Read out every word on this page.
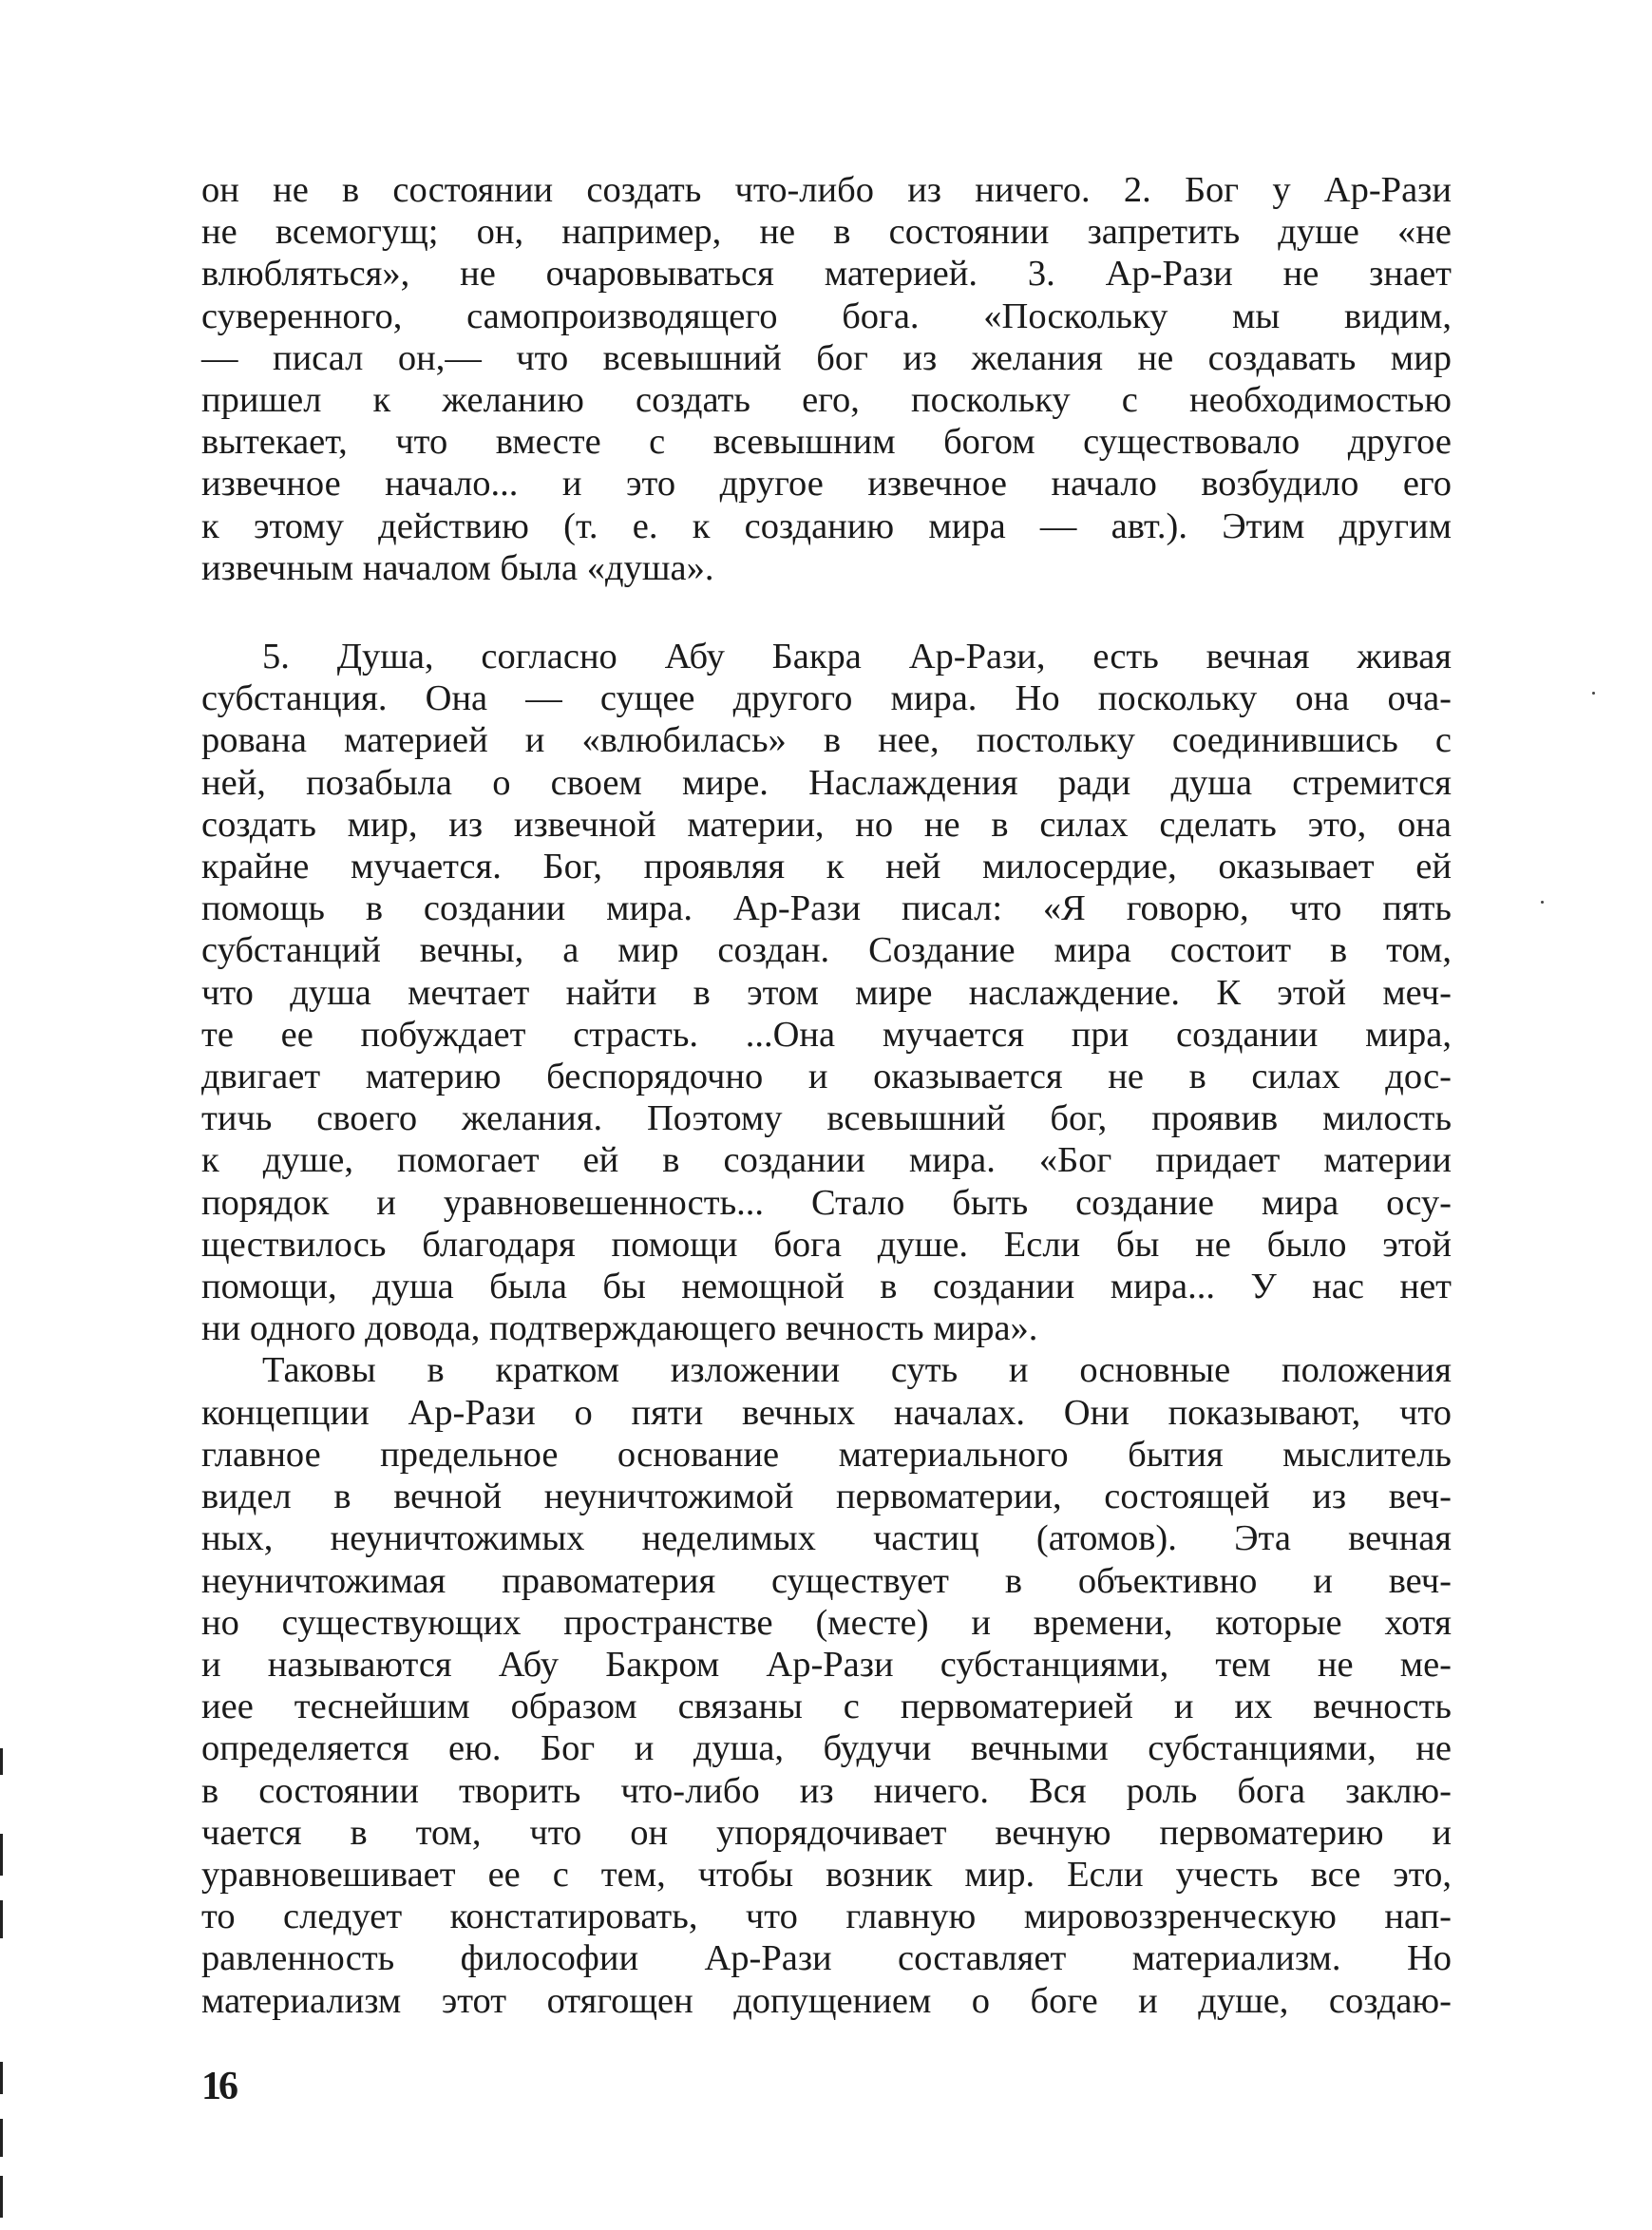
он не в состоянии создать что-либо из ничего. 2. Бог у Ар-Рази

не всемогущ; он, например, не в состоянии запретить душе «не

влюбляться», не очаровываться материей. 3. Ар-Рази не знает

суверенного, самопроизводящего бога. «Поскольку мы видим,

— писал он,— что всевышний бог из желания не создавать мир

пришел к желанию создать его, поскольку с необходимостью

вытекает, что вместе с всевышним богом существовало другое

извечное начало... и это другое извечное начало возбудило его

к этому действию (т. е. к созданию мира — авт.). Этим другим

извечным началом была «душа».

5. Душа, согласно Абу Бакра Ар-Рази, есть вечная живая

субстанция. Она — сущее другого мира. Но поскольку она оча-

рована материей и «влюбилась» в нее, постольку соединившись с

ней, позабыла о своем мире. Наслаждения ради душа стремится

создать мир, из извечной материи, но не в силах сделать это, она

крайне мучается. Бог, проявляя к ней милосердие, оказывает ей

помощь в создании мира. Ар-Рази писал: «Я говорю, что пять

субстанций вечны, а мир создан. Создание мира состоит в том,

что душа мечтает найти в этом мире наслаждение. К этой меч-

те ее побуждает страсть. ...Она мучается при создании мира,

двигает материю беспорядочно и оказывается не в силах дос-

тичь своего желания. Поэтому всевышний бог, проявив милость

к душе, помогает ей в создании мира. «Бог придает материи

порядок и уравновешенность... Стало быть создание мира осу-

ществилось благодаря помощи бога душе. Если бы не было этой

помощи, душа была бы немощной в создании мира... У нас нет

ни одного довода, подтверждающего вечность мира».

Таковы в кратком изложении суть и основные положения

концепции Ар-Рази о пяти вечных началах. Они показывают, что

главное предельное основание материального бытия мыслитель

видел в вечной неуничтожимой первоматерии, состоящей из веч-

ных, неуничтожимых неделимых частиц (атомов). Эта вечная

неуничтожимая правоматерия существует в объективно и веч-

но существующих пространстве (месте) и времени, которые хотя

и называются Абу Бакром Ар-Рази субстанциями, тем не ме-

иее теснейшим образом связаны с первоматерией и их вечность

определяется ею. Бог и душа, будучи вечными субстанциями, не

в состоянии творить что-либо из ничего. Вся роль бога заклю-

чается в том, что он упорядочивает вечную первоматерию и

уравновешивает ее с тем, чтобы возник мир. Если учесть все это,

то следует констатировать, что главную мировоззренческую нап-

равленность философии Ар-Рази составляет материализм. Но

материализм этот отягощен допущением о боге и душе, создаю-

16
